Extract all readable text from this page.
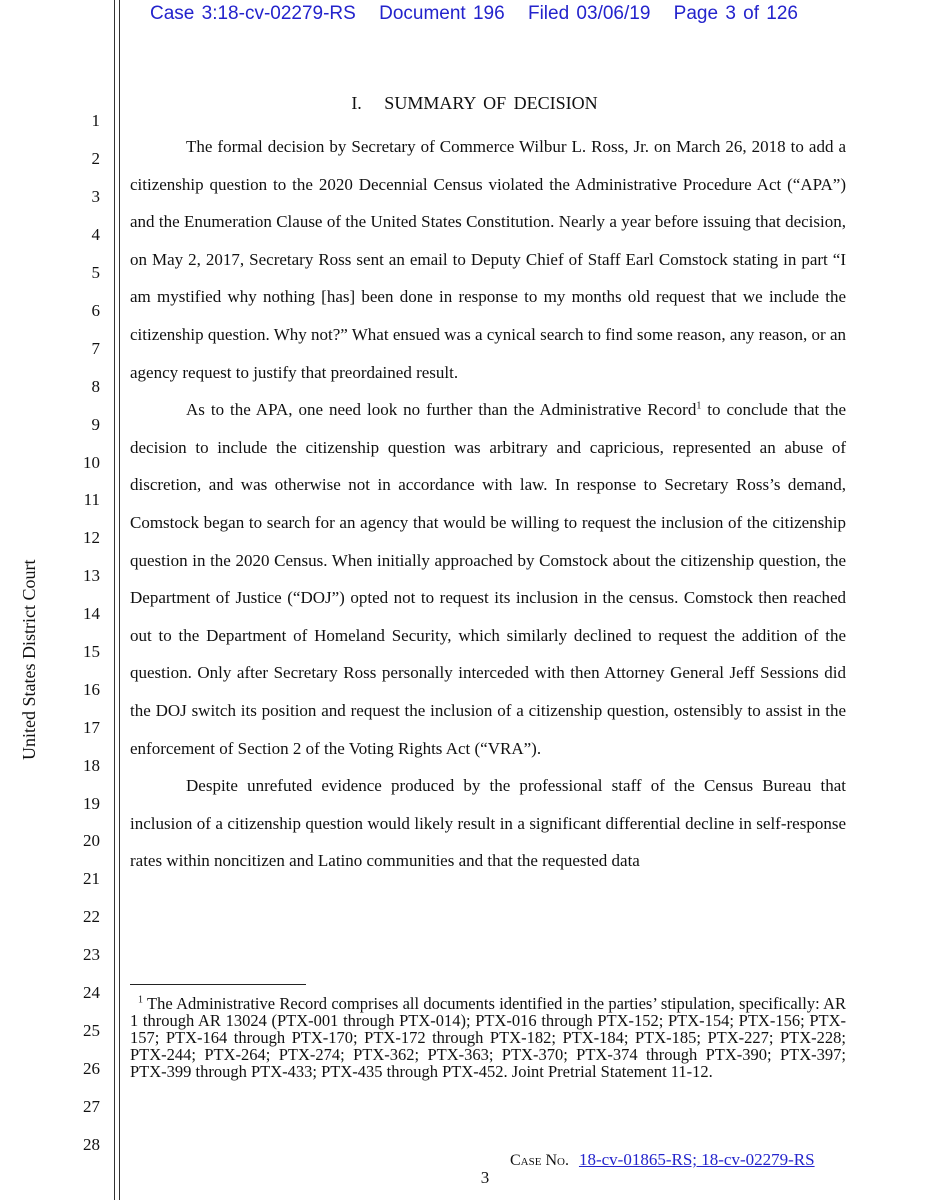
Case 3:18-cv-02279-RS Document 196 Filed 03/06/19 Page 3 of 126
1
2
3
4
5
6
7
8
9
10
11
12
13
14
15
16
17
18
19
20
21
22
23
24
25
26
27
28
United States District Court
I.   SUMMARY OF DECISION

The formal decision by Secretary of Commerce Wilbur L. Ross, Jr. on March 26, 2018 to add a citizenship question to the 2020 Decennial Census violated the Administrative Procedure Act (“APA”) and the Enumeration Clause of the United States Constitution. Nearly a year before issuing that decision, on May 2, 2017, Secretary Ross sent an email to Deputy Chief of Staff Earl Comstock stating in part “I am mystified why nothing [has] been done in response to my months old request that we include the citizenship question. Why not?” What ensued was a cynical search to find some reason, any reason, or an agency request to justify that preordained result.

As to the APA, one need look no further than the Administrative Record$^1$ to conclude that the decision to include the citizenship question was arbitrary and capricious, represented an abuse of discretion, and was otherwise not in accordance with law. In response to Secretary Ross’s demand, Comstock began to search for an agency that would be willing to request the inclusion of the citizenship question in the 2020 Census. When initially approached by Comstock about the citizenship question, the Department of Justice (“DOJ”) opted not to request its inclusion in the census. Comstock then reached out to the Department of Homeland Security, which similarly declined to request the addition of the question. Only after Secretary Ross personally interceded with then Attorney General Jeff Sessions did the DOJ switch its position and request the inclusion of a citizenship question, ostensibly to assist in the enforcement of Section 2 of the Voting Rights Act (“VRA”).

Despite unrefuted evidence produced by the professional staff of the Census Bureau that inclusion of a citizenship question would likely result in a significant differential decline in self-response rates within noncitizen and Latino communities and that the requested data

$^1$ The Administrative Record comprises all documents identified in the parties’ stipulation, specifically: AR 1 through AR 13024 (PTX-001 through PTX-014); PTX-016 through PTX-152; PTX-154; PTX-156; PTX-157; PTX-164 through PTX-170; PTX-172 through PTX-182; PTX-184; PTX-185; PTX-227; PTX-228; PTX-244; PTX-264; PTX-274; PTX-362; PTX-363; PTX-370; PTX-374 through PTX-390; PTX-397; PTX-399 through PTX-433; PTX-435 through PTX-452. Joint Pretrial Statement 11-12.
Case No. 18-cv-01865-RS; 18-cv-02279-RS
3
